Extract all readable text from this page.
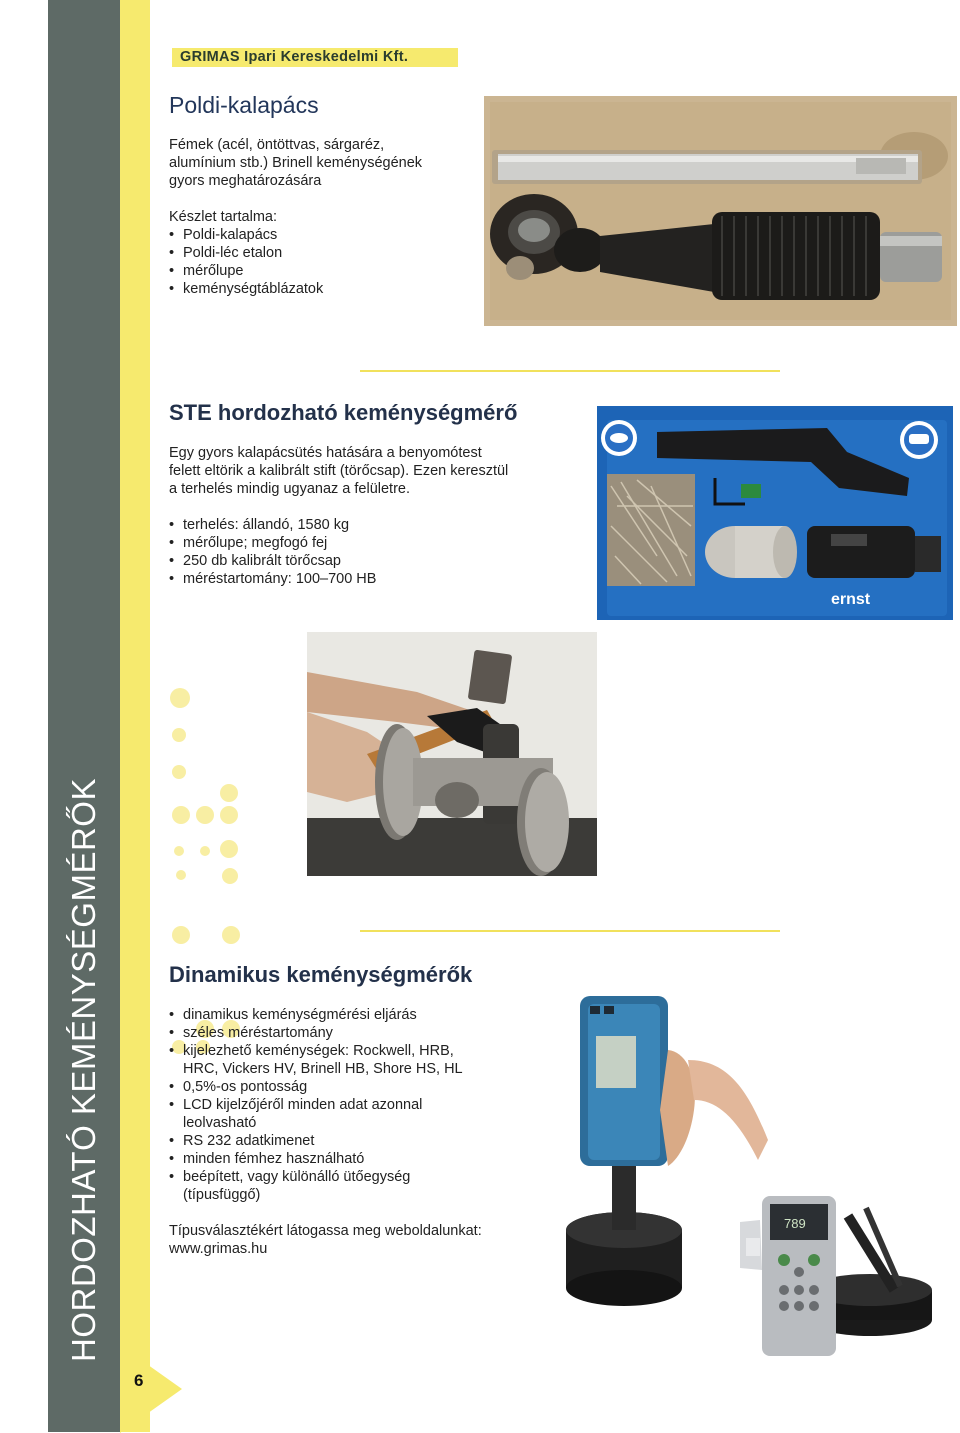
HORDOZHATÓ KEMÉNYSÉGMÉRŐK
6
GRIMAS Ipari Kereskedelmi Kft.
Poldi-kalapács
Fémek (acél, öntöttvas, sárgaréz,
alumínium stb.) Brinell keménységének
gyors meghatározására
Készlet tartalma:
• Poldi-kalapács
• Poldi-léc etalon
• mérőlupe
• keménységtáblázatok
STE hordozható keménységmérő
Egy gyors kalapácsütés hatására a benyomótest
felett eltörik a kalibrált stift (törőcsap). Ezen keresztül
a terhelés mindig ugyanaz a felületre.
• terhelés: állandó, 1580 kg
• mérőlupe; megfogó fej
• 250 db kalibrált törőcsap
• méréstartomány: 100–700 HB
ernst
Dinamikus keménységmérők
• dinamikus keménységmérési eljárás
• széles méréstartomány
• kijelezhető keménységek: Rockwell, HRB,
HRC, Vickers HV, Brinell HB, Shore HS, HL
• 0,5%-os pontosság
• LCD kijelzőjéről minden adat azonnal
leolvasható
• RS 232 adatkimenet
• minden fémhez használható
• beépített, vagy különálló ütőegység
(típusfüggő)
Típusválasztékért látogassa meg weboldalunkat:
www.grimas.hu
789
